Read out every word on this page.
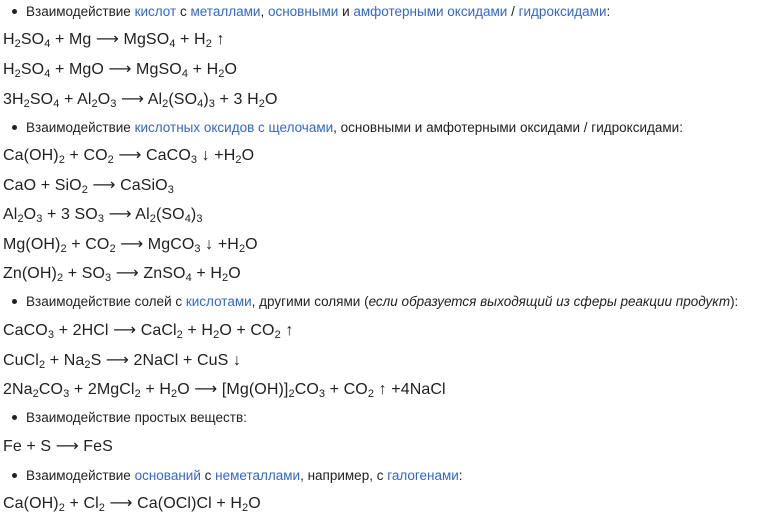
Взаимодействие кислот с металлами, основными и амфотерными оксидами / гидроксидами:
$H_2SO_4 + Mg$ ⟶ MgSO$_4$ + $H_2$ ↑
$H_2SO_4$ + MgO ⟶ MgSO$_4$ + $H_2O$
$3H_2SO_4 + Al_2O_3$ ⟶ $Al_2(SO_4)_3 + 3$ $H_2O$
Взаимодействие кислотных оксидов с щелочами, основными и амфотерными оксидами / гидроксидами:
$Ca(OH)_2 + CO_2$ ⟶ CaCO$_3$ ↓ $+H_2O$
CaO + SiO$_2$ ⟶ CaSiO$_3$
$Al_2O_3 + 3$ $SO_3$ ⟶ $Al_2(SO_4)_3$
$Mg(OH)_2 + CO_2$ ⟶ MgCO$_3$ ↓ $+H_2O$
$Zn(OH)_2 + SO_3$ ⟶ ZnSO$_4$ + $H_2O$
Взаимодействие солей с кислотами, другими солями (если образуется выходящий из сферы реакции продукт):
CaCO$_3$ + 2HCl ⟶ CaCl$_2$ + $H_2O + CO_2$ ↑
CuCl$_2$ + $Na_2S$ ⟶ 2NaCl + CuS ↓
$2Na_2CO_3$ + 2MgCl$_2$ + $H_2O$ ⟶ $[Mg(OH)]_2CO_3 + CO_2$ ↑ +4NaCl
Взаимодействие простых веществ:
Fe + S ⟶ FeS
Взаимодействие оснований с неметаллами, например, с галогенами:
$Ca(OH)_2 + Cl_2$ ⟶ $Ca(OCl)Cl + H_2O$
